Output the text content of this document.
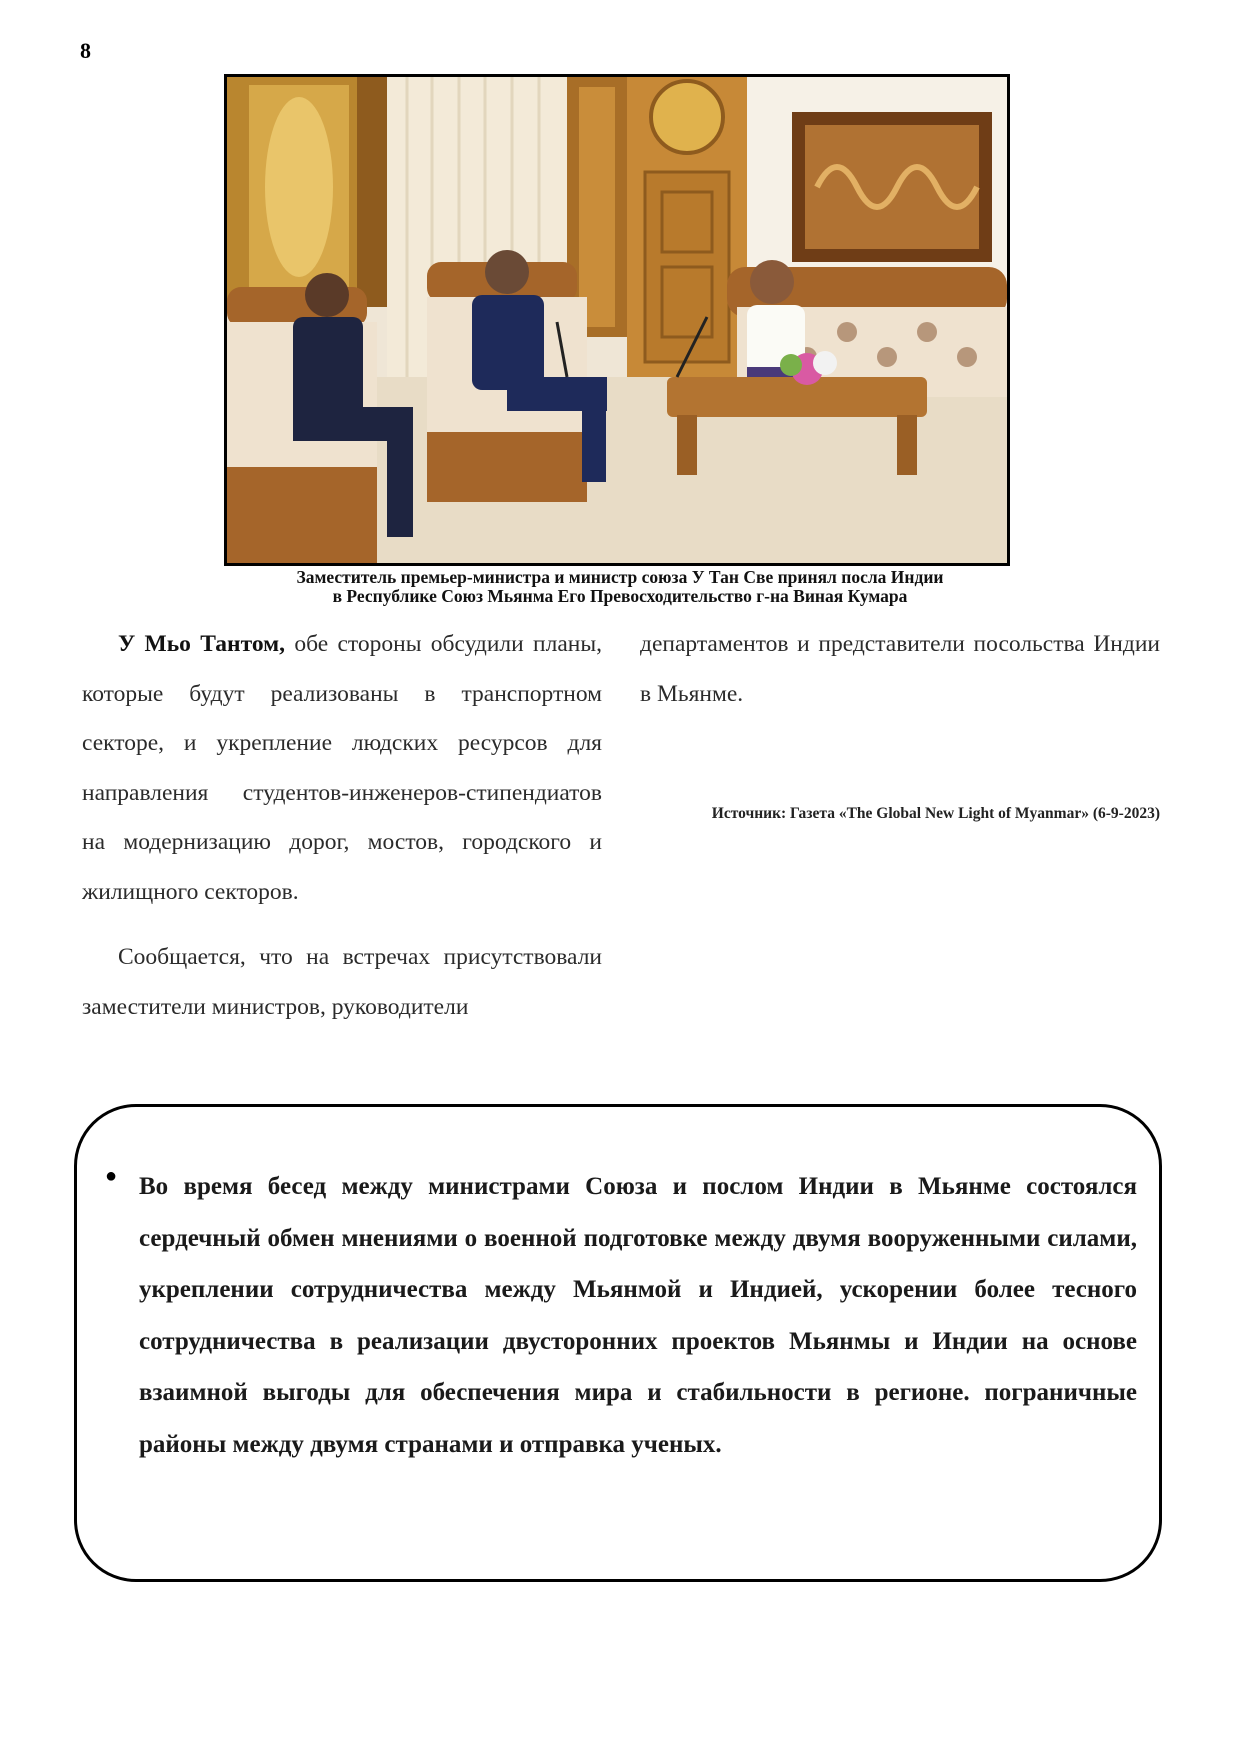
8
Заместитель премьер-министра и министр союза У Тан Све принял посла Индии
в Республике Союз Мьянма Его Превосходительство г-на Виная Кумара

У Мьо Тантом, обе стороны обсудили планы, которые будут реализованы в транспортном секторе, и укрепление людских ресурсов для направления студентов-инженеров-стипендиатов на модернизацию дорог, мостов, городского и жилищного секторов.

Сообщается, что на встречах присутствовали заместители министров, руководители

Источник: Газета «The Global New Light of Myanmar» (6-9-2023)
● Во время бесед между министрами Союза и послом Индии в Мьянме состоялся сердечный обмен мнениями о военной подготовке между двумя вооруженными силами, укреплении сотрудничества между Мьянмой и Индией, ускорении более тесного сотрудничества в реализации двусторонних проектов Мьянмы и Индии на основе взаимной выгоды для обеспечения мира и стабильности в регионе. пограничные районы между двумя странами и отправка ученых.

департаментов и представители посольства Индии в Мьянме.
